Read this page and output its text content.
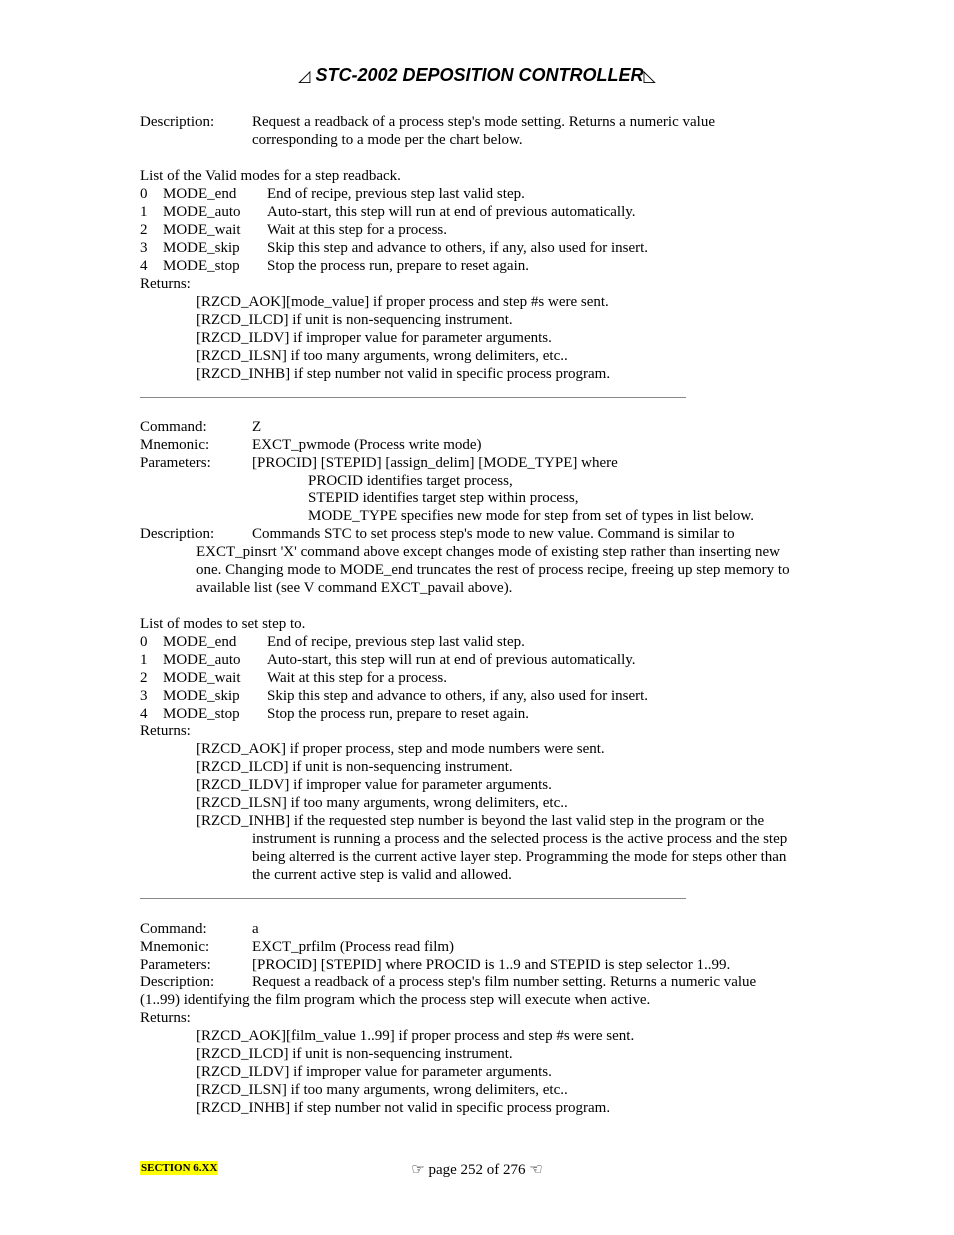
◿ STC-2002 DEPOSITION CONTROLLER◺
Description:	Request a readback of a process step's mode setting. Returns a numeric value
corresponding to a mode per the chart below.
List of the Valid modes for a step readback.
0 MODE_end End of recipe, previous step last valid step.
1 MODE_auto Auto-start, this step will run at end of previous automatically.
2 MODE_wait Wait at this step for a process.
3 MODE_skip Skip this step and advance to others, if any, also used for insert.
4 MODE_stop Stop the process run, prepare to reset again.
Returns:
[RZCD_AOK][mode_value] if proper process and step #s were sent.
[RZCD_ILCD] if unit is non-sequencing instrument.
[RZCD_ILDV] if improper value for parameter arguments.
[RZCD_ILSN] if too many arguments, wrong delimiters, etc..
[RZCD_INHB] if step number not valid in specific process program.
Command:	Z
Mnemonic:	EXCT_pwmode (Process write mode)
Parameters:	[PROCID] [STEPID] [assign_delim] [MODE_TYPE] where
PROCID identifies target process,
STEPID identifies target step within process,
MODE_TYPE specifies new mode for step from set of types in list below.
Description:	Commands STC to set process step's mode to new value. Command is similar to
EXCT_pinsrt 'X' command above except changes mode of existing step rather than inserting new
one. Changing mode to MODE_end truncates the rest of process recipe, freeing up step memory to
available list (see V command EXCT_pavail above).
List of modes to set step to.
0 MODE_end End of recipe, previous step last valid step.
1 MODE_auto Auto-start, this step will run at end of previous automatically.
2 MODE_wait Wait at this step for a process.
3 MODE_skip Skip this step and advance to others, if any, also used for insert.
4 MODE_stop Stop the process run, prepare to reset again.
Returns:
[RZCD_AOK] if proper process, step and mode numbers were sent.
[RZCD_ILCD] if unit is non-sequencing instrument.
[RZCD_ILDV] if improper value for parameter arguments.
[RZCD_ILSN] if too many arguments, wrong delimiters, etc..
[RZCD_INHB] if the requested step number is beyond the last valid step in the program or the
instrument is running a process and the selected process is the active process and the step
being alterred is the current active layer step. Programming the mode for steps other than
the current active step is valid and allowed.
Command:	a
Mnemonic:	EXCT_prfilm (Process read film)
Parameters:	[PROCID] [STEPID] where PROCID is 1..9 and STEPID is step selector 1..99.
Description:	Request a readback of a process step's film number setting. Returns a numeric value
(1..99) identifying the film program which the process step will execute when active.
Returns:
[RZCD_AOK][film_value 1..99] if proper process and step #s were sent.
[RZCD_ILCD] if unit is non-sequencing instrument.
[RZCD_ILDV] if improper value for parameter arguments.
[RZCD_ILSN] if too many arguments, wrong delimiters, etc..
[RZCD_INHB] if step number not valid in specific process program.
SECTION 6.XX	☞ page 252 of 276 ☜
